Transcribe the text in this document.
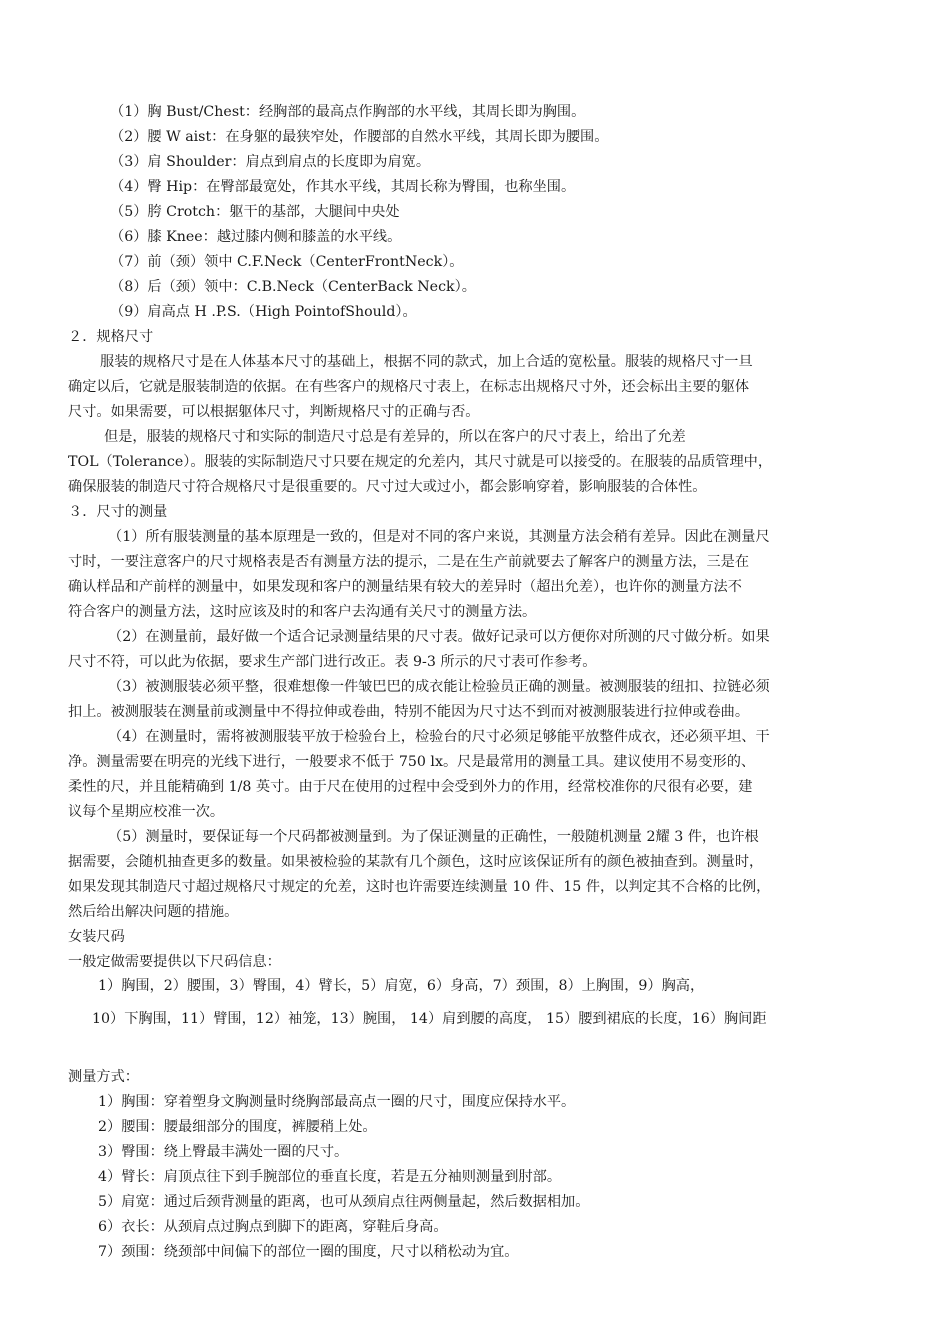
（1）胸 Bust/Chest：经胸部的最高点作胸部的水平线，其周长即为胸围。
（2）腰 W aist：在身躯的最狭窄处，作腰部的自然水平线，其周长即为腰围。
（3）肩 Shoulder：肩点到肩点的长度即为肩宽。
（4）臀 Hip：在臀部最宽处，作其水平线，其周长称为臀围，也称坐围。
（5）胯 Crotch：躯干的基部，大腿间中央处
（6）膝 Knee：越过膝内侧和膝盖的水平线。
（7）前（颈）领中 C.F.Neck（CenterFrontNeck）。
（8）后（颈）领中：C.B.Neck（CenterBack Neck）。
（9）肩高点 H .P.S.（High PointofShould）。
２．规格尺寸
服装的规格尺寸是在人体基本尺寸的基础上，根据不同的款式，加上合适的宽松量。服装的规格尺寸一旦
确定以后，它就是服装制造的依据。在有些客户的规格尺寸表上，在标志出规格尺寸外，还会标出主要的躯体
尺寸。如果需要，可以根据躯体尺寸，判断规格尺寸的正确与否。
但是，服装的规格尺寸和实际的制造尺寸总是有差异的，所以在客户的尺寸表上，给出了允差
TOL（Tolerance）。服装的实际制造尺寸只要在规定的允差内，其尺寸就是可以接受的。在服装的品质管理中，
确保服装的制造尺寸符合规格尺寸是很重要的。尺寸过大或过小，都会影响穿着，影响服装的合体性。
３．尺寸的测量
（1）所有服装测量的基本原理是一致的，但是对不同的客户来说，其测量方法会稍有差异。因此在测量尺
寸时，一要注意客户的尺寸规格表是否有测量方法的提示，二是在生产前就要去了解客户的测量方法，三是在
确认样品和产前样的测量中，如果发现和客户的测量结果有较大的差异时（超出允差），也许你的测量方法不
符合客户的测量方法，这时应该及时的和客户去沟通有关尺寸的测量方法。
（2）在测量前，最好做一个适合记录测量结果的尺寸表。做好记录可以方便你对所测的尺寸做分析。如果
尺寸不符，可以此为依据，要求生产部门进行改正。表 9-3 所示的尺寸表可作参考。
（3）被测服装必须平整，很难想像一件皱巴巴的成衣能让检验员正确的测量。被测服装的纽扣、拉链必须
扣上。被测服装在测量前或测量中不得拉伸或卷曲，特别不能因为尺寸达不到而对被测服装进行拉伸或卷曲。
（4）在测量时，需将被测服装平放于检验台上，检验台的尺寸必须足够能平放整件成衣，还必须平坦、干
净。测量需要在明亮的光线下进行，一般要求不低于 750 lx。尺是最常用的测量工具。建议使用不易变形的、
柔性的尺，并且能精确到 1/8 英寸。由于尺在使用的过程中会受到外力的作用，经常校准你的尺很有必要，建
议每个星期应校准一次。
（5）测量时，要保证每一个尺码都被测量到。为了保证测量的正确性，一般随机测量 2耀 3 件，也许根
据需要，会随机抽查更多的数量。如果被检验的某款有几个颜色，这时应该保证所有的颜色被抽查到。测量时，
如果发现其制造尺寸超过规格尺寸规定的允差，这时也许需要连续测量 10 件、15 件，以判定其不合格的比例，
然后给出解决问题的措施。
女装尺码
一般定做需要提供以下尺码信息：
1）胸围，2）腰围，3）臀围，4）臂长，5）肩宽，6）身高，7）颈围，8）上胸围，9）胸高，
10）下胸围，11）臂围，12）袖笼，13）腕围， 14）肩到腰的高度， 15）腰到裙底的长度，16）胸间距
测量方式：
1）胸围：穿着塑身文胸测量时绕胸部最高点一圈的尺寸，围度应保持水平。
2）腰围：腰最细部分的围度，裤腰稍上处。
3）臀围：绕上臀最丰满处一圈的尺寸。
4）臂长：肩顶点往下到手腕部位的垂直长度，若是五分袖则测量到肘部。
5）肩宽：通过后颈背测量的距离，也可从颈肩点往两侧量起，然后数据相加。
6）衣长：从颈肩点过胸点到脚下的距离，穿鞋后身高。
7）颈围：绕颈部中间偏下的部位一圈的围度，尺寸以稍松动为宜。
